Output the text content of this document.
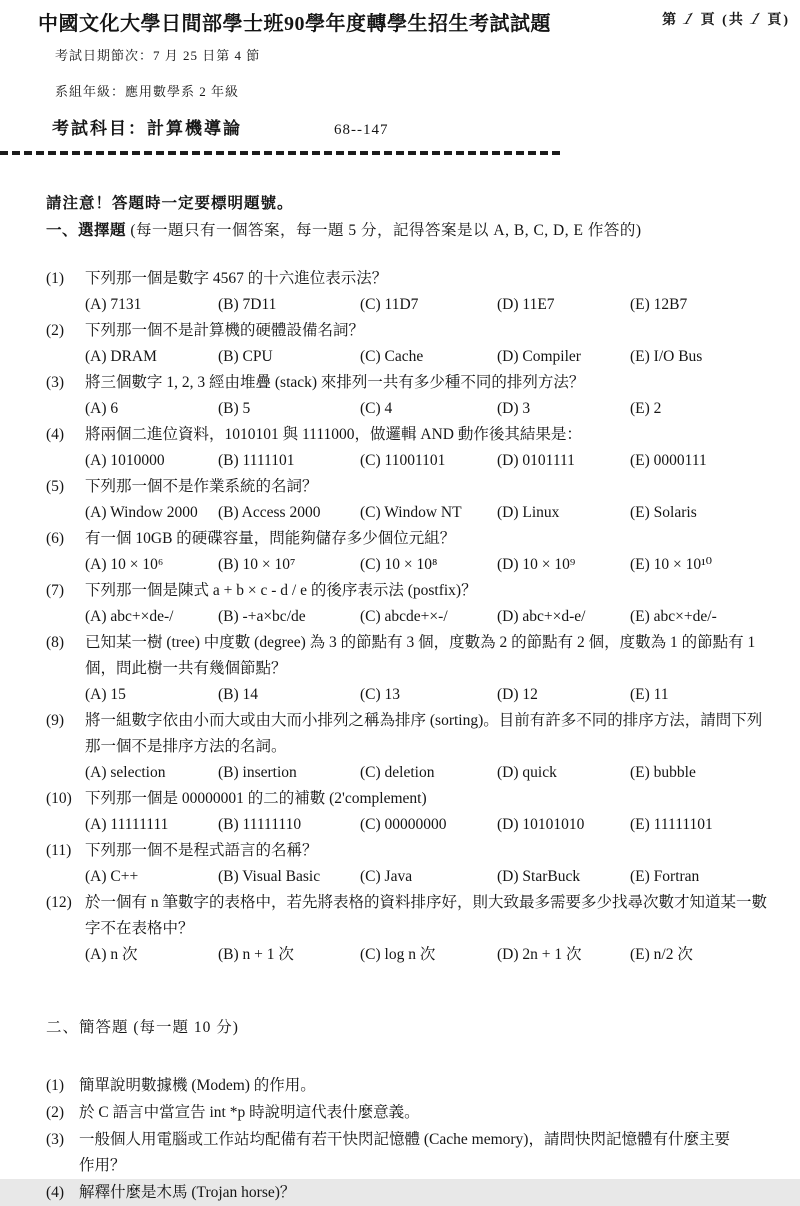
中國文化大學日間部學士班90學年度轉學生招生考試試題	第 1 頁 (共 1 頁)
考試日期節次：7 月 25 日第 4 節
系組年級：應用數學系 2 年級
考試科目：計算機導論	68--147
請注意！答題時一定要標明題號。
一、選擇題 (每一題只有一個答案，每一題 5 分，記得答案是以 A, B, C, D, E 作答的)
(1)	下列那一個是數字 4567 的十六進位表示法？
(A) 7131	(B) 7D11	(C) 11D7	(D) 11E7	(E) 12B7
(2)	下列那一個不是計算機的硬體設備名詞？
(A) DRAM	(B) CPU	(C) Cache	(D) Compiler	(E) I/O Bus
(3)	將三個數字 1, 2, 3 經由堆疊 (stack) 來排列一共有多少種不同的排列方法？
(A) 6	(B) 5	(C) 4	(D) 3	(E) 2
(4)	將兩個二進位資料，1010101 與 1111000，做邏輯 AND 動作後其結果是：
(A) 1010000	(B) 1111101	(C) 11001101	(D) 0101111	(E) 0000111
(5)	下列那一個不是作業系統的名詞？
(A) Window 2000	(B) Access 2000	(C) Window NT	(D) Linux	(E) Solaris
(6)	有一個 10GB 的硬碟容量，問能夠儲存多少個位元組？
(A) 10 × 10⁶	(B) 10 × 10⁷	(C) 10 × 10⁸	(D) 10 × 10⁹	(E) 10 × 10¹⁰
(7)	下列那一個是陳式 a + b × c - d / e 的後序表示法 (postfix)？
(A) abc+×de-/	(B) -+a×bc/de	(C) abcde+×-/	(D) abc+×d-e/	(E) abc×+de/-
(8)	已知某一樹 (tree) 中度數 (degree) 為 3 的節點有 3 個，度數為 2 的節點有 2 個，度數為 1 的節點有 1 個，問此樹一共有幾個節點？
(A) 15	(B) 14	(C) 13	(D) 12	(E) 11
(9)	將一組數字依由小而大或由大而小排列之稱為排序 (sorting)。目前有許多不同的排序方法，請問下列那一個不是排序方法的名詞。
(A) selection	(B) insertion	(C) deletion	(D) quick	(E) bubble
(10) 下列那一個是 00000001 的二的補數 (2'complement)
(A) 11111111	(B) 11111110	(C) 00000000	(D) 10101010	(E) 11111101
(11) 下列那一個不是程式語言的名稱？
(A) C++	(B) Visual Basic	(C) Java	(D) StarBuck	(E) Fortran
(12) 於一個有 n 筆數字的表格中，若先將表格的資料排序好，則大致最多需要多少找尋次數才知道某一數字不在表格中？
(A) n 次	(B) n + 1 次	(C) log n 次	(D) 2n + 1 次	(E) n/2 次
二、簡答題 (每一題 10 分)
(1) 簡單說明數據機 (Modem) 的作用。
(2) 於 C 語言中當宣告 int *p 時說明這代表什麼意義。
(3) 一般個人用電腦或工作站均配備有若干快閃記憶體 (Cache memory)，請問快閃記憶體有什麼主要作用？
(4) 解釋什麼是木馬 (Trojan horse)？
